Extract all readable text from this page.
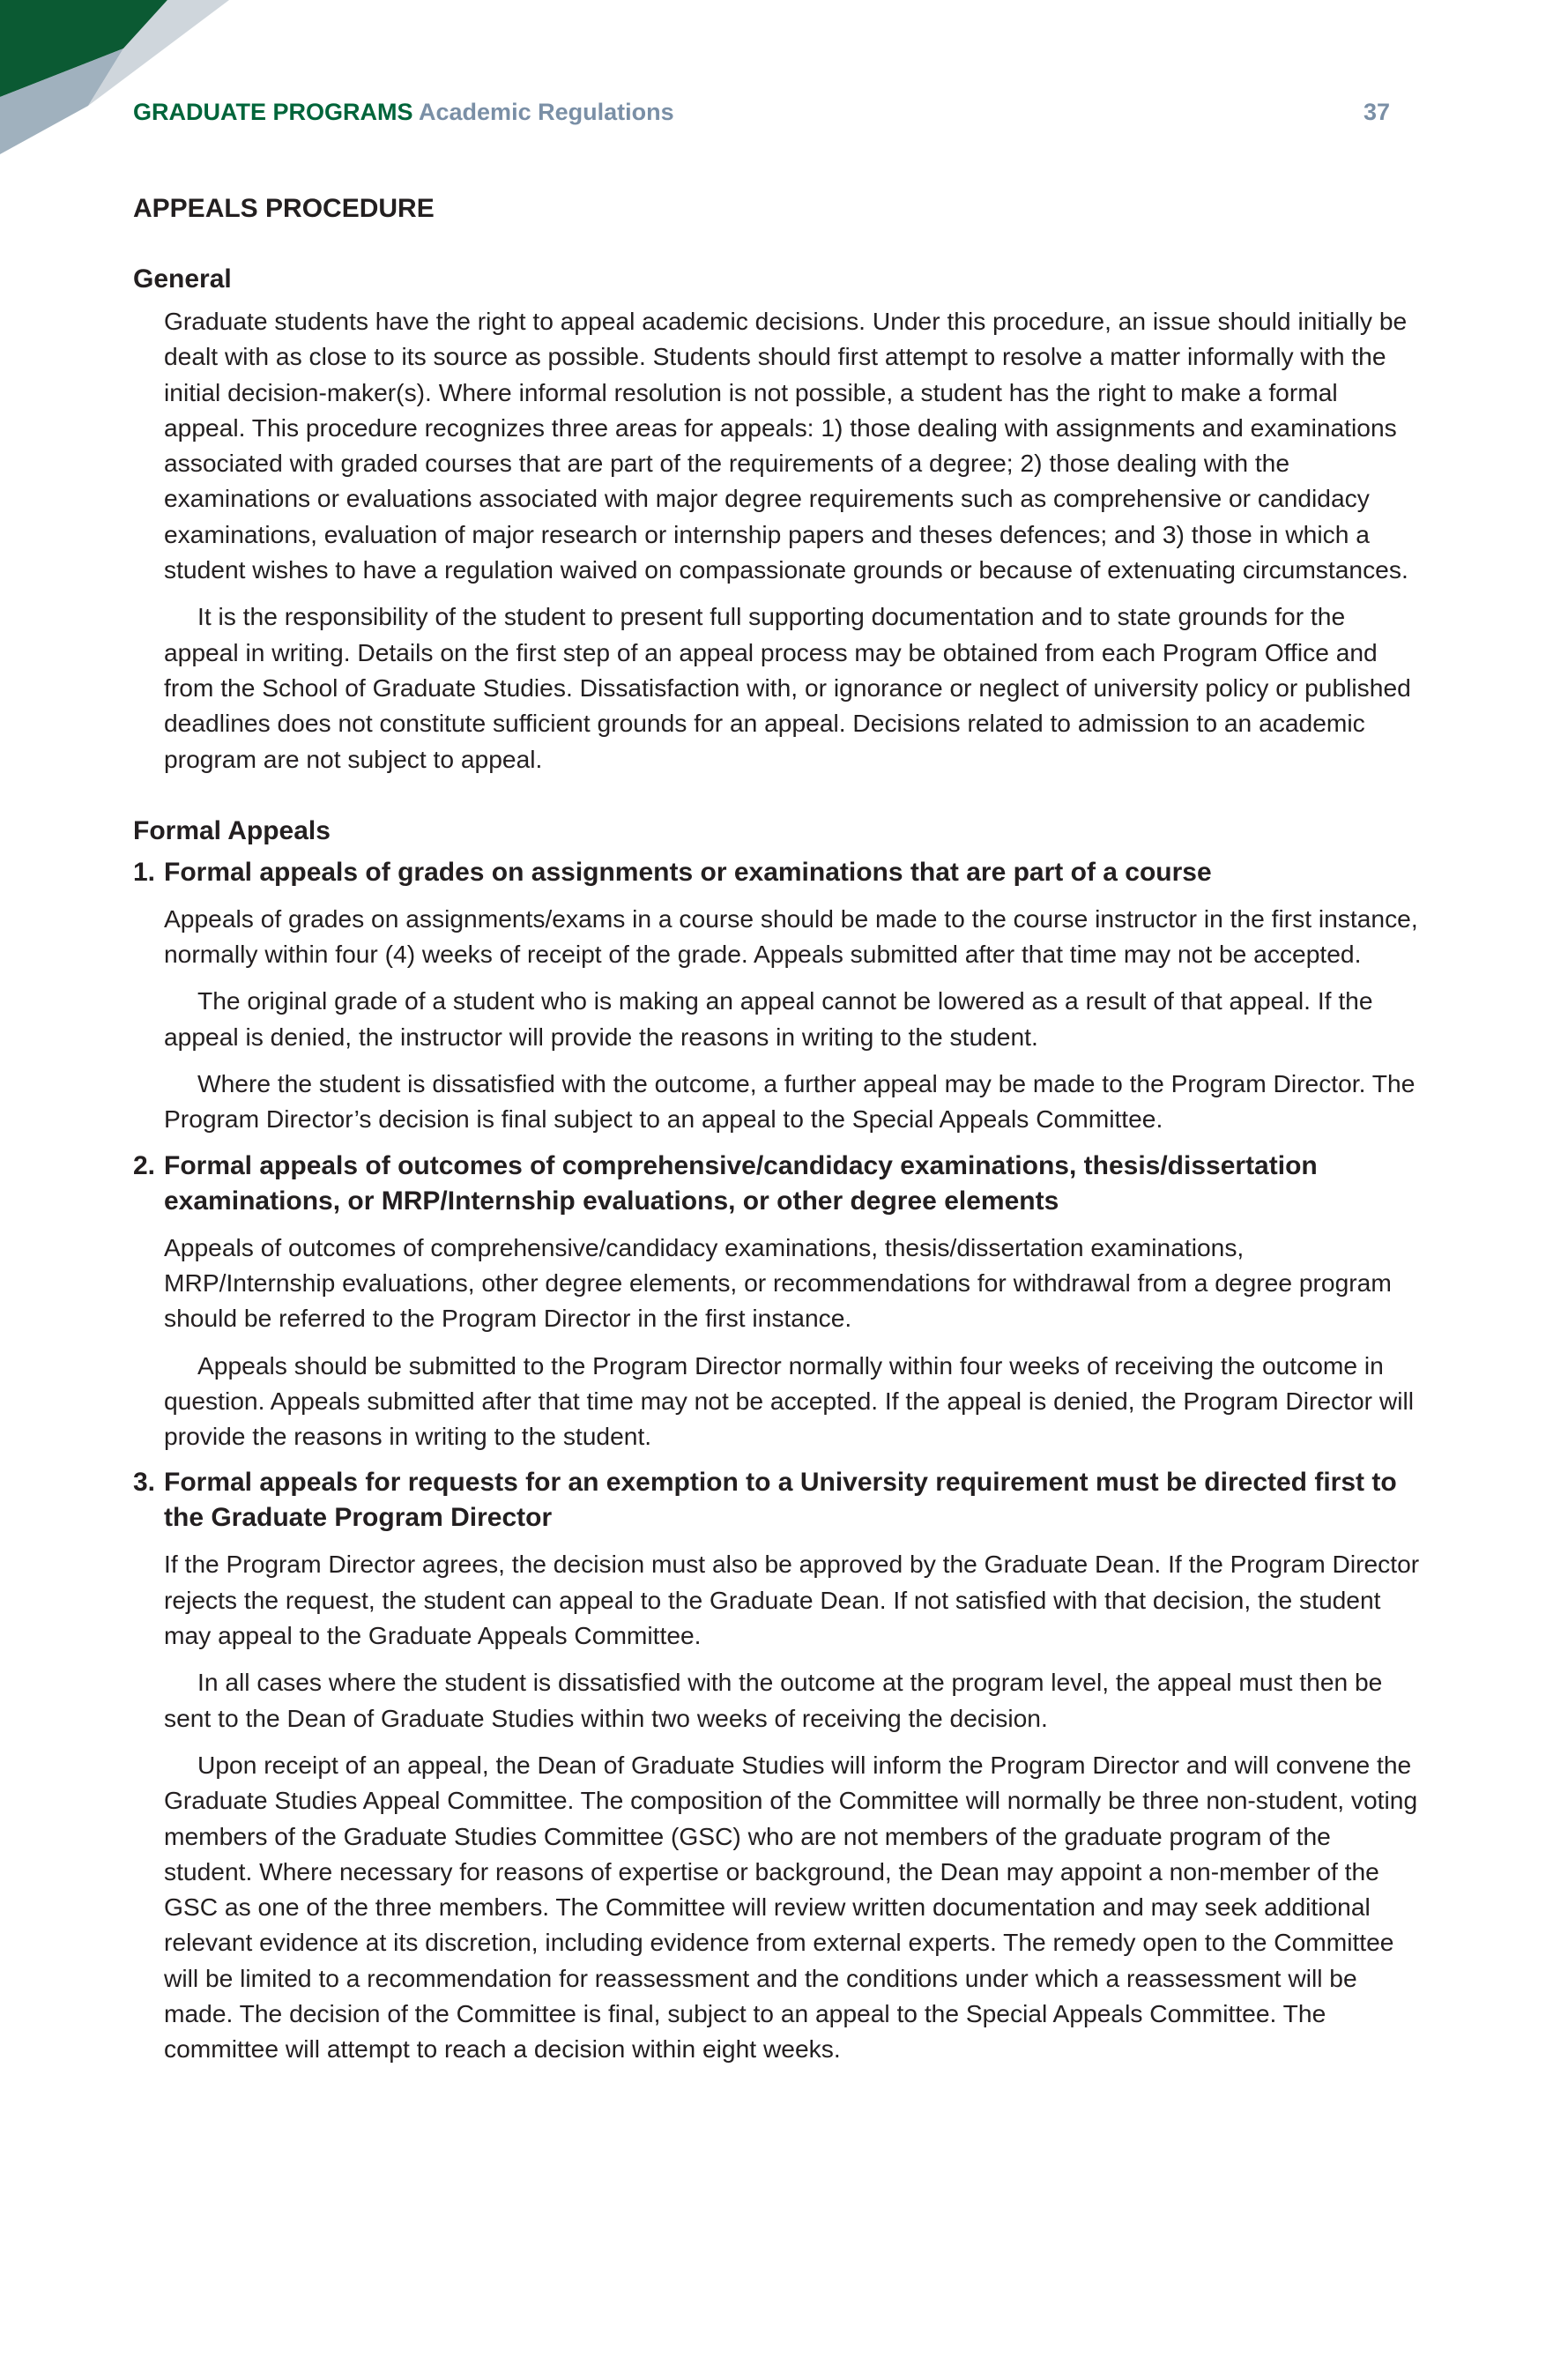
GRADUATE PROGRAMS Academic Regulations	37
APPEALS PROCEDURE
General

Graduate students have the right to appeal academic decisions. Under this procedure, an issue should initially be dealt with as close to its source as possible. Students should first attempt to resolve a matter informally with the initial decision-maker(s). Where informal resolution is not possible, a student has the right to make a formal appeal. This procedure recognizes three areas for appeals: 1) those dealing with assignments and examinations associated with graded courses that are part of the requirements of a degree; 2) those dealing with the examinations or evaluations associated with major degree requirements such as comprehensive or candidacy examinations, evaluation of major research or internship papers and theses defences; and 3) those in which a student wishes to have a regulation waived on compassionate grounds or because of extenuating circumstances.

It is the responsibility of the student to present full supporting documentation and to state grounds for the appeal in writing. Details on the first step of an appeal process may be obtained from each Program Office and from the School of Graduate Studies. Dissatisfaction with, or ignorance or neglect of university policy or published deadlines does not constitute sufficient grounds for an appeal. Decisions related to admission to an academic program are not subject to appeal.

Formal Appeals
1. Formal appeals of grades on assignments or examinations that are part of a course

Appeals of grades on assignments/exams in a course should be made to the course instructor in the first instance, normally within four (4) weeks of receipt of the grade. Appeals submitted after that time may not be accepted.

The original grade of a student who is making an appeal cannot be lowered as a result of that appeal. If the appeal is denied, the instructor will provide the reasons in writing to the student.

Where the student is dissatisfied with the outcome, a further appeal may be made to the Program Director. The Program Director’s decision is final subject to an appeal to the Special Appeals Committee.

2. Formal appeals of outcomes of comprehensive/candidacy examinations, thesis/dissertation examinations, or MRP/Internship evaluations, or other degree elements

Appeals of outcomes of comprehensive/candidacy examinations, thesis/dissertation examinations, MRP/Internship evaluations, other degree elements, or recommendations for withdrawal from a degree program should be referred to the Program Director in the first instance.

Appeals should be submitted to the Program Director normally within four weeks of receiving the outcome in question. Appeals submitted after that time may not be accepted. If the appeal is denied, the Program Director will provide the reasons in writing to the student.

3. Formal appeals for requests for an exemption to a University requirement must be directed first to the Graduate Program Director

If the Program Director agrees, the decision must also be approved by the Graduate Dean. If the Program Director rejects the request, the student can appeal to the Graduate Dean. If not satisfied with that decision, the student may appeal to the Graduate Appeals Committee.

In all cases where the student is dissatisfied with the outcome at the program level, the appeal must then be sent to the Dean of Graduate Studies within two weeks of receiving the decision.

Upon receipt of an appeal, the Dean of Graduate Studies will inform the Program Director and will convene the Graduate Studies Appeal Committee. The composition of the Committee will normally be three non-student, voting members of the Graduate Studies Committee (GSC) who are not members of the graduate program of the student. Where necessary for reasons of expertise or background, the Dean may appoint a non-member of the GSC as one of the three members. The Committee will review written documentation and may seek additional relevant evidence at its discretion, including evidence from external experts. The remedy open to the Committee will be limited to a recommendation for reassessment and the conditions under which a reassessment will be made. The decision of the Committee is final, subject to an appeal to the Special Appeals Committee. The committee will attempt to reach a decision within eight weeks.
